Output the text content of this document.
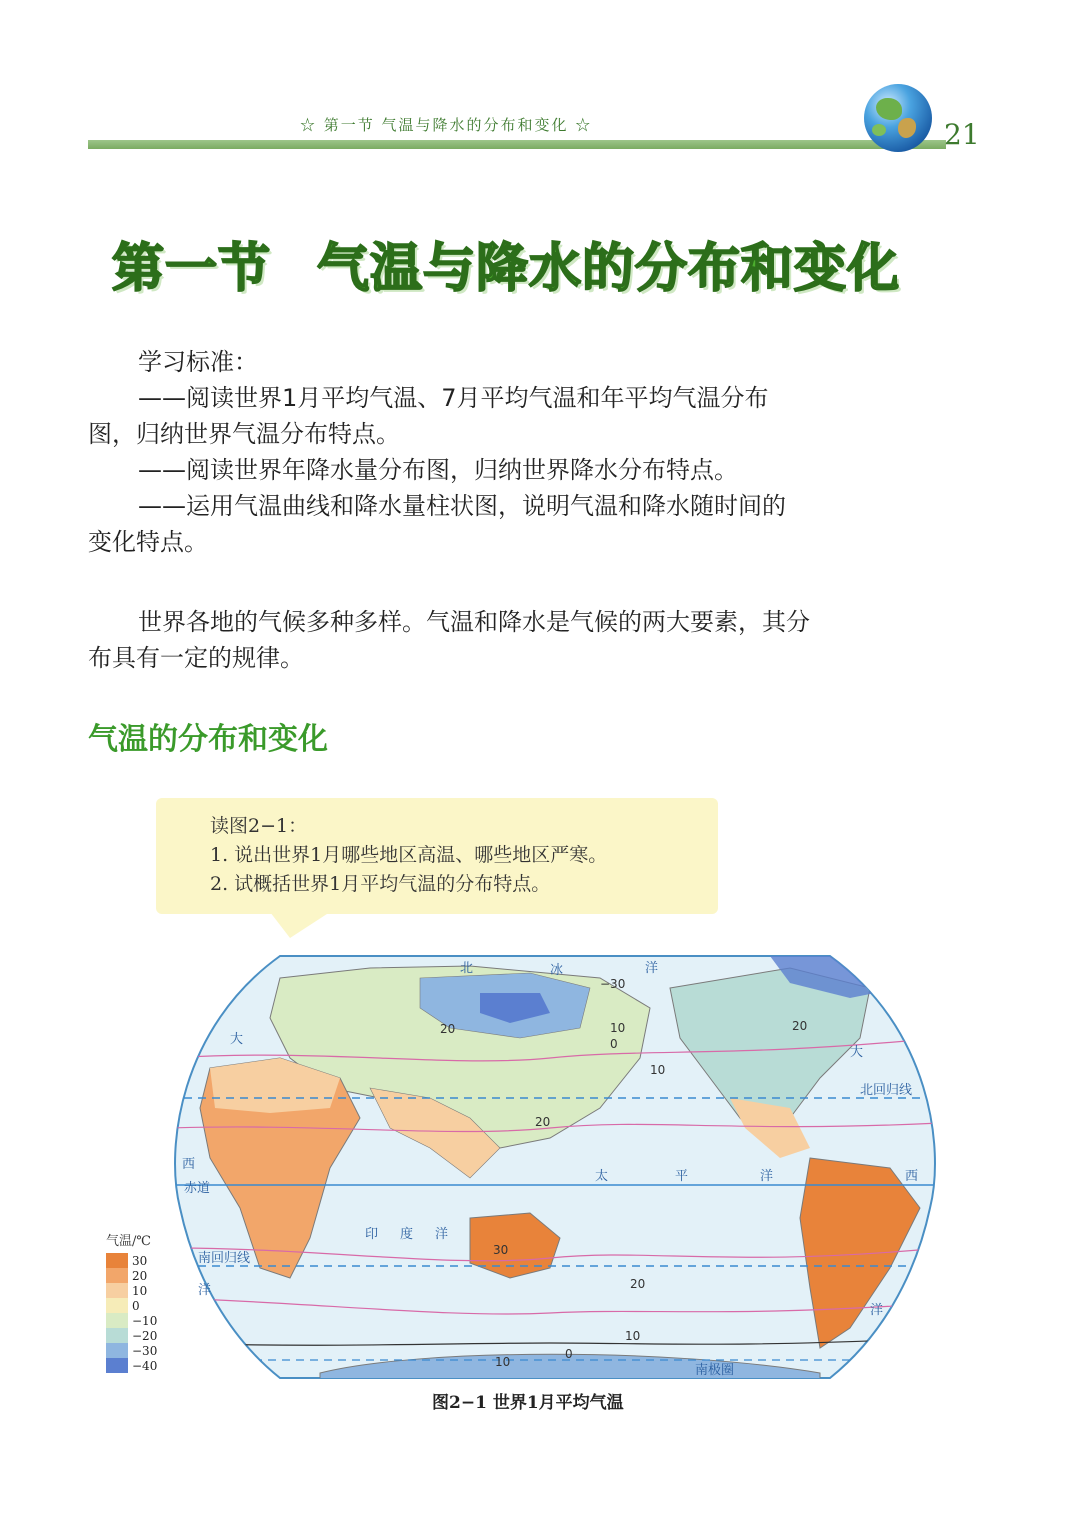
☆ 第一节 气温与降水的分布和变化 ☆	21
第一节 气温与降水的分布和变化

学习标准：

——阅读世界1月平均气温、7月平均气温和年平均气温分布

图，归纳世界气温分布特点。

——阅读世界年降水量分布图，归纳世界降水分布特点。

——运用气温曲线和降水量柱状图，说明气温和降水随时间的

变化特点。

世界各地的气候多种多样。气温和降水是气候的两大要素，其分布具有一定的规律。

气温的分布和变化
读图2−1：
1. 说出世界1月哪些地区高温、哪些地区严寒。
2. 试概括世界1月平均气温的分布特点。
北	冰	洋
大
大
太	平	洋
印 度 洋
西
西
洋
洋
赤道
北回归线
南回归线
南极圈
−30
20	10
0
10
20
20
30
20
10
10
0
气温/℃
30
20
10
0
−10
−20
−30
−40
图2−1 世界1月平均气温
